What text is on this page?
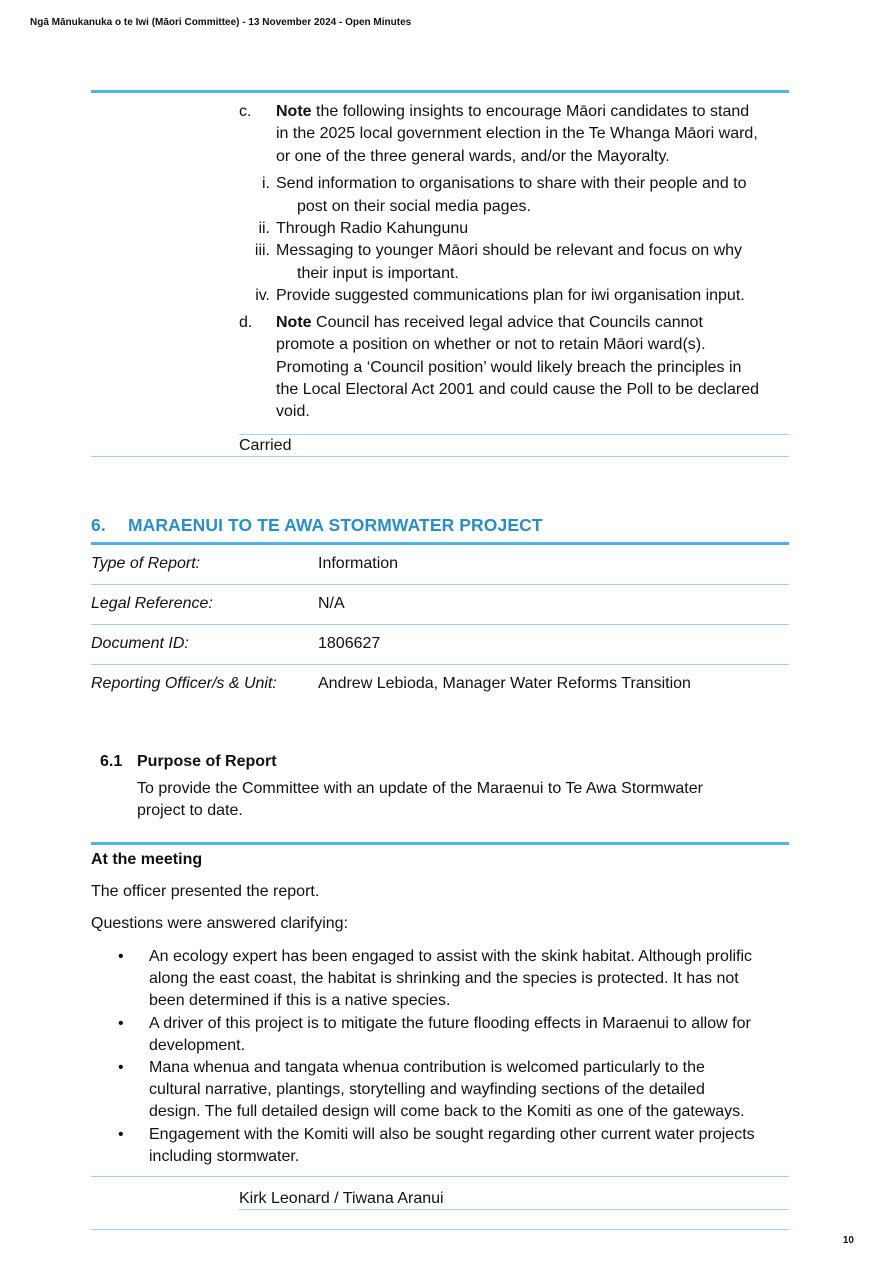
Ngā Mānukanuka o te Iwi (Māori Committee) - 13 November 2024 - Open Minutes
c. Note the following insights to encourage Māori candidates to stand
in the 2025 local government election in the Te Whanga Māori ward,
or one of the three general wards, and/or the Mayoralty.
i. Send information to organisations to share with their people and to
post on their social media pages.
ii. Through Radio Kahungunu
iii. Messaging to younger Māori should be relevant and focus on why
their input is important.
iv. Provide suggested communications plan for iwi organisation input.
d. Note Council has received legal advice that Councils cannot
promote a position on whether or not to retain Māori ward(s).
Promoting a ‘Council position’ would likely breach the principles in
the Local Electoral Act 2001 and could cause the Poll to be declared
void.
Carried
6. MARAENUI TO TE AWA STORMWATER PROJECT
Type of Report:	Information
Legal Reference:	N/A
Document ID:	1806627
Reporting Officer/s & Unit:	Andrew Lebioda, Manager Water Reforms Transition
6.1 Purpose of Report
To provide the Committee with an update of the Maraenui to Te Awa Stormwater
project to date.
At the meeting
The officer presented the report.
Questions were answered clarifying:
• An ecology expert has been engaged to assist with the skink habitat. Although prolific
along the east coast, the habitat is shrinking and the species is protected. It has not
been determined if this is a native species.
• A driver of this project is to mitigate the future flooding effects in Maraenui to allow for
development.
• Mana whenua and tangata whenua contribution is welcomed particularly to the
cultural narrative, plantings, storytelling and wayfinding sections of the detailed
design. The full detailed design will come back to the Komiti as one of the gateways.
• Engagement with the Komiti will also be sought regarding other current water projects
including stormwater.
Kirk Leonard / Tiwana Aranui
10
